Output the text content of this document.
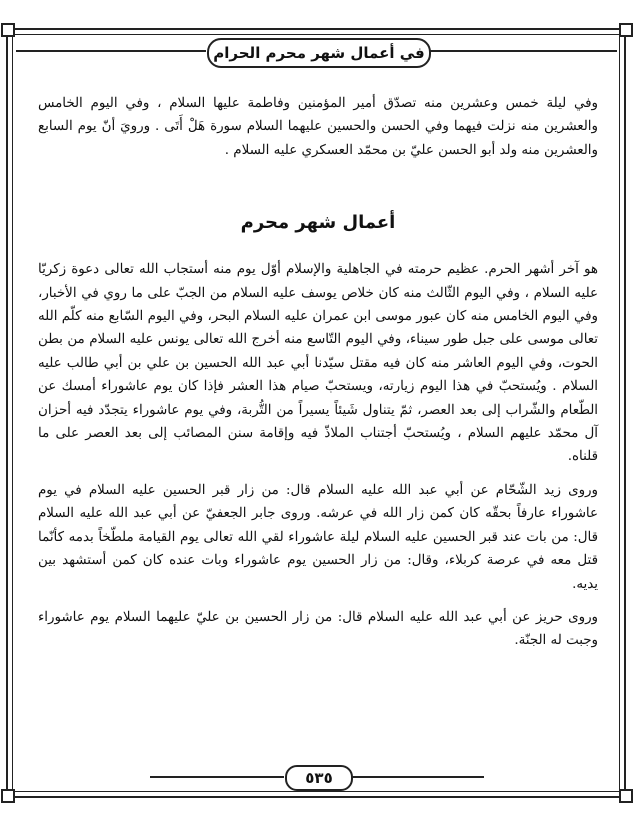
في أعمال شهر محرم الحرام

وفي ليلة خمس وعشرين منه تصدّق أمير المؤمنين وفاطمة عليها السلام ، وفي اليوم الخامس والعشرين منه نزلت فيهما وفي الحسن والحسين عليهما السلام سورة هَلْ أَتَى . ورويَ أنّ يوم السابع والعشرين منه ولد أبو الحسن عليّ بن محمّد العسكري عليه السلام .

أعمال شهر محرم

هو آخر أشهر الحرم. عظيم حرمته في الجاهلية والإسلام أوّل يوم منه أستجاب الله تعالى دعوة زكريّا عليه السلام ، وفي اليوم الثّالث منه كان خلاص يوسف عليه السلام من الجبّ على ما روي في الأخبار، وفي اليوم الخامس منه كان عبور موسى ابن عمران عليه السلام البحر، وفي اليوم السّابع منه كلّم الله تعالى موسى على جبل طور سيناء، وفي اليوم التّاسع منه أخرج الله تعالى يونس عليه السلام من بطن الحوت، وفي اليوم العاشر منه كان فيه مقتل سيّدنا أبي عبد الله الحسين بن علي بن أبي طالب عليه السلام . ويُستحبّ في هذا اليوم زيارته، ويستحبّ صيام هذا العشر فإذا كان يوم عاشوراء أمسك عن الطّعام والشّراب إلى بعد العصر، ثمّ يتناول شَيئاً يسيراً من التُّربة، وفي يوم عاشوراء يتجدّد فيه أحزان آل محمّد عليهم السلام ، ويُستحبّ أجتناب الملاذّ فيه وإقامة سنن المصائب إلى بعد العصر على ما قلناه.

وروى زيد الشّحّام عن أبي عبد الله عليه السلام قال: من زار قبر الحسين عليه السلام في يوم عاشوراء عارفاً بحقّه كان كمن زار الله في عرشه. وروى جابر الجعفيّ عن أبي عبد الله عليه السلام قال: من بات عند قبر الحسين عليه السلام ليلة عاشوراء لقي الله تعالى يوم القيامة ملطّخاً بدمه كأنّما قتل معه في عرصة كربلاء، وقال: من زار الحسين يوم عاشوراء وبات عنده كان كمن أستشهد بين يديه.

وروى حريز عن أبي عبد الله عليه السلام قال: من زار الحسين بن عليّ عليهما السلام يوم عاشوراء وجبت له الجنّة.

٥٣٥
